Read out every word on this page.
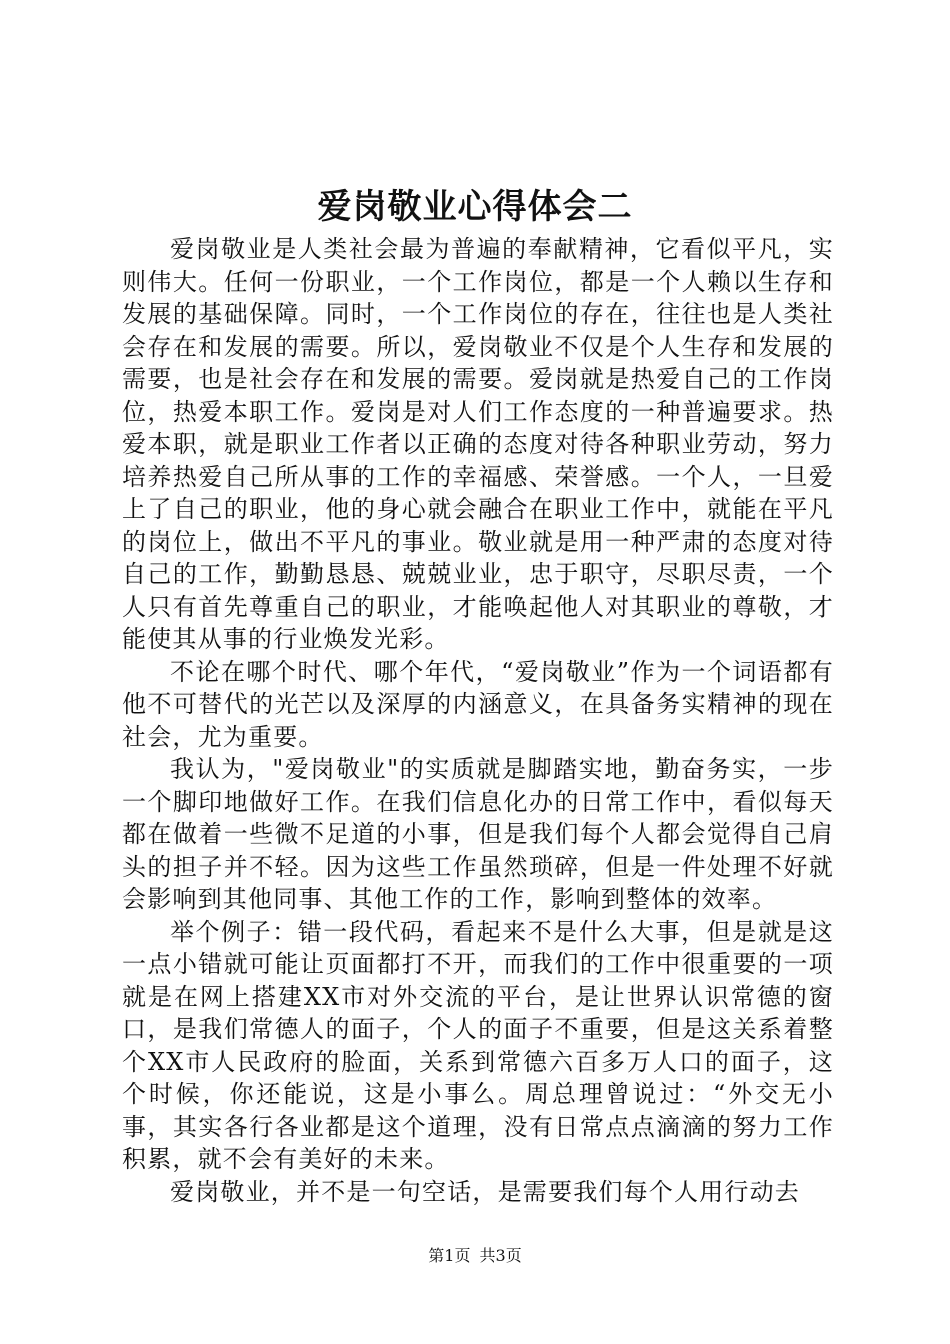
爱岗敬业心得体会二

爱岗敬业是人类社会最为普遍的奉献精神，它看似平凡，实则伟大。任何一份职业，一个工作岗位，都是一个人赖以生存和发展的基础保障。同时，一个工作岗位的存在，往往也是人类社会存在和发展的需要。所以，爱岗敬业不仅是个人生存和发展的需要，也是社会存在和发展的需要。爱岗就是热爱自己的工作岗位，热爱本职工作。爱岗是对人们工作态度的一种普遍要求。热爱本职，就是职业工作者以正确的态度对待各种职业劳动，努力培养热爱自己所从事的工作的幸福感、荣誉感。一个人，一旦爱上了自己的职业，他的身心就会融合在职业工作中，就能在平凡的岗位上，做出不平凡的事业。敬业就是用一种严肃的态度对待自己的工作，勤勤恳恳、兢兢业业，忠于职守，尽职尽责，一个人只有首先尊重自己的职业，才能唤起他人对其职业的尊敬，才能使其从事的行业焕发光彩。

不论在哪个时代、哪个年代，“爱岗敬业”作为一个词语都有他不可替代的光芒以及深厚的内涵意义，在具备务实精神的现在社会，尤为重要。

我认为，"爱岗敬业"的实质就是脚踏实地，勤奋务实，一步一个脚印地做好工作。在我们信息化办的日常工作中，看似每天都在做着一些微不足道的小事，但是我们每个人都会觉得自己肩头的担子并不轻。因为这些工作虽然琐碎，但是一件处理不好就会影响到其他同事、其他工作的工作，影响到整体的效率。

举个例子：错一段代码，看起来不是什么大事，但是就是这一点小错就可能让页面都打不开，而我们的工作中很重要的一项就是在网上搭建XX市对外交流的平台，是让世界认识常德的窗口，是我们常德人的面子，个人的面子不重要，但是这关系着整个XX市人民政府的脸面，关系到常德六百多万人口的面子，这个时候，你还能说，这是小事么。周总理曾说过：“外交无小事，其实各行各业都是这个道理，没有日常点点滴滴的努力工作积累，就不会有美好的未来。

爱岗敬业，并不是一句空话，是需要我们每个人用行动去

第1页 共3页
